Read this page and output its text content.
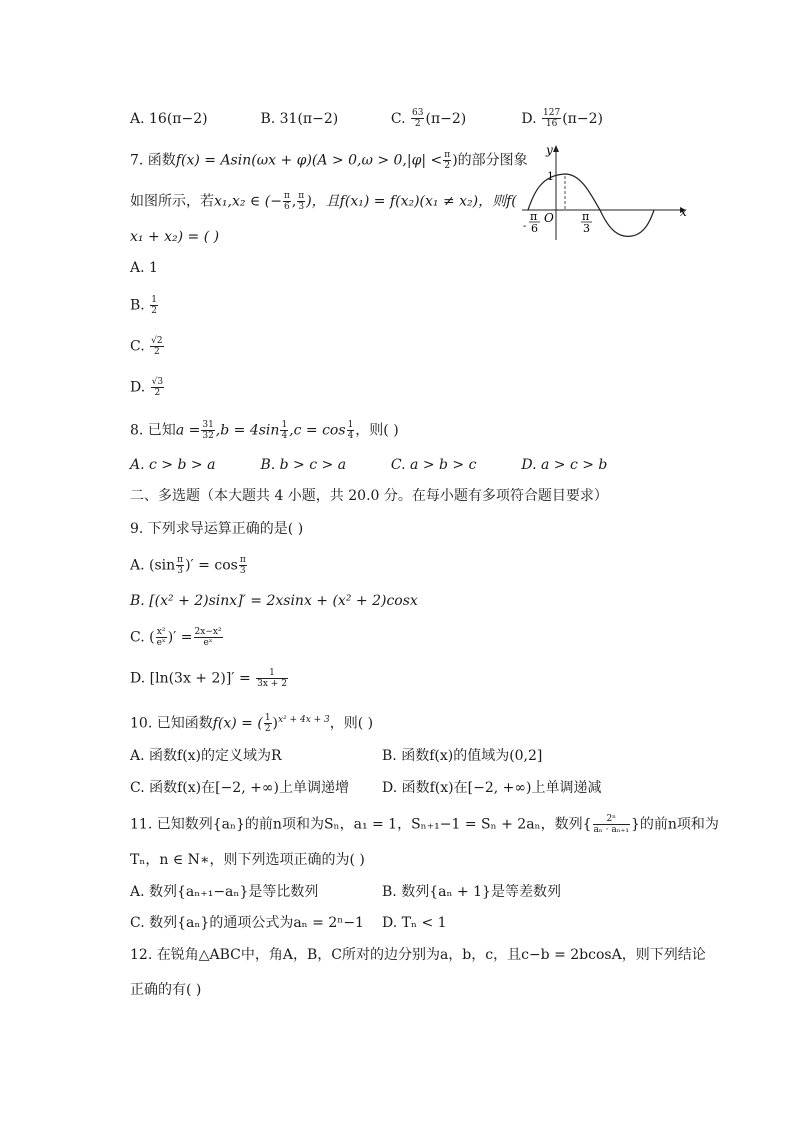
A. 16(π−2)	B. 31(π−2)	C. $\frac{63}{2} (\pi-2)$	D. $\frac{127}{16} (\pi-2)$
7. 函数$f(x) = Asin(\omega x + \varphi)(A > 0,\omega > 0,|\varphi| < \frac{\pi}{2}$ )的部分图象
如图所示，若x₁,x₂ ∈ (− $\frac{\pi}{6}$ , $\frac{\pi}{3}$ )，且f(x₁) = f(x₂)(x₁ ≠ x₂)，则f(
x₁ + x₂) = ( )
y
x
1
O
π
- 6
π
3
A. 1
B. $\frac{1}{2}$
C. $\frac{√2}{2}$
D. $\frac{√3}{2}$
8. 已知$a = \frac{31}{32} ,b = 4\sin \frac{1}{4} ,c = \cos \frac{1}{4}$ ，则( )
A. c > b > a	B. b > c > a	C. a > b > c	D. a > c > b
二、多选题（本大题共 4 小题，共 20.0 分。在每小题有多项符合题目要求）
9. 下列求导运算正确的是( )
A. ($\sin \frac{\pi}{3}$ )′ = $\cos \frac{\pi}{3}$
B. [(x² + 2)sinx]′ = 2xsinx + (x² + 2)cosx
C. ( $\frac{\text{x²}}{\text{eˣ}}$ )′ = $\frac{\text{2x−x²}}{\text{eˣ}}$
D. $[\ln(3x + 2)]' = \frac{1}{3x + 2}$
10. 已知函数f(x) = ( $\frac{1}{2} )^{x^2 + 4x + 3}$，则( )
A. 函数f(x)的定义域为R	B. 函数f(x)的值域为(0,2]
C. 函数f(x)在[−2, +∞)上单调递增 D. 函数f(x)在[−2, +∞)上单调递减
11. 已知数列{aₙ}的前n项和为Sₙ，a₁ = 1，Sₙ₊₁−1 = Sₙ + 2aₙ，数列{ $\frac{\text{2ⁿ}}{\text{aₙ · aₙ₊₁}}$ }的前n项和为
Tₙ，n ∈ N∗，则下列选项正确的为( )
A. 数列{aₙ₊₁−aₙ}是等比数列	B. 数列{aₙ + 1}是等差数列
C. 数列{aₙ}的通项公式为aₙ = 2ⁿ−1 D. Tₙ < 1
12. 在锐角△ABC中，角A，B，C所对的边分别为a，b，c，且c−b = 2bcosA，则下列结论
正确的有( )
